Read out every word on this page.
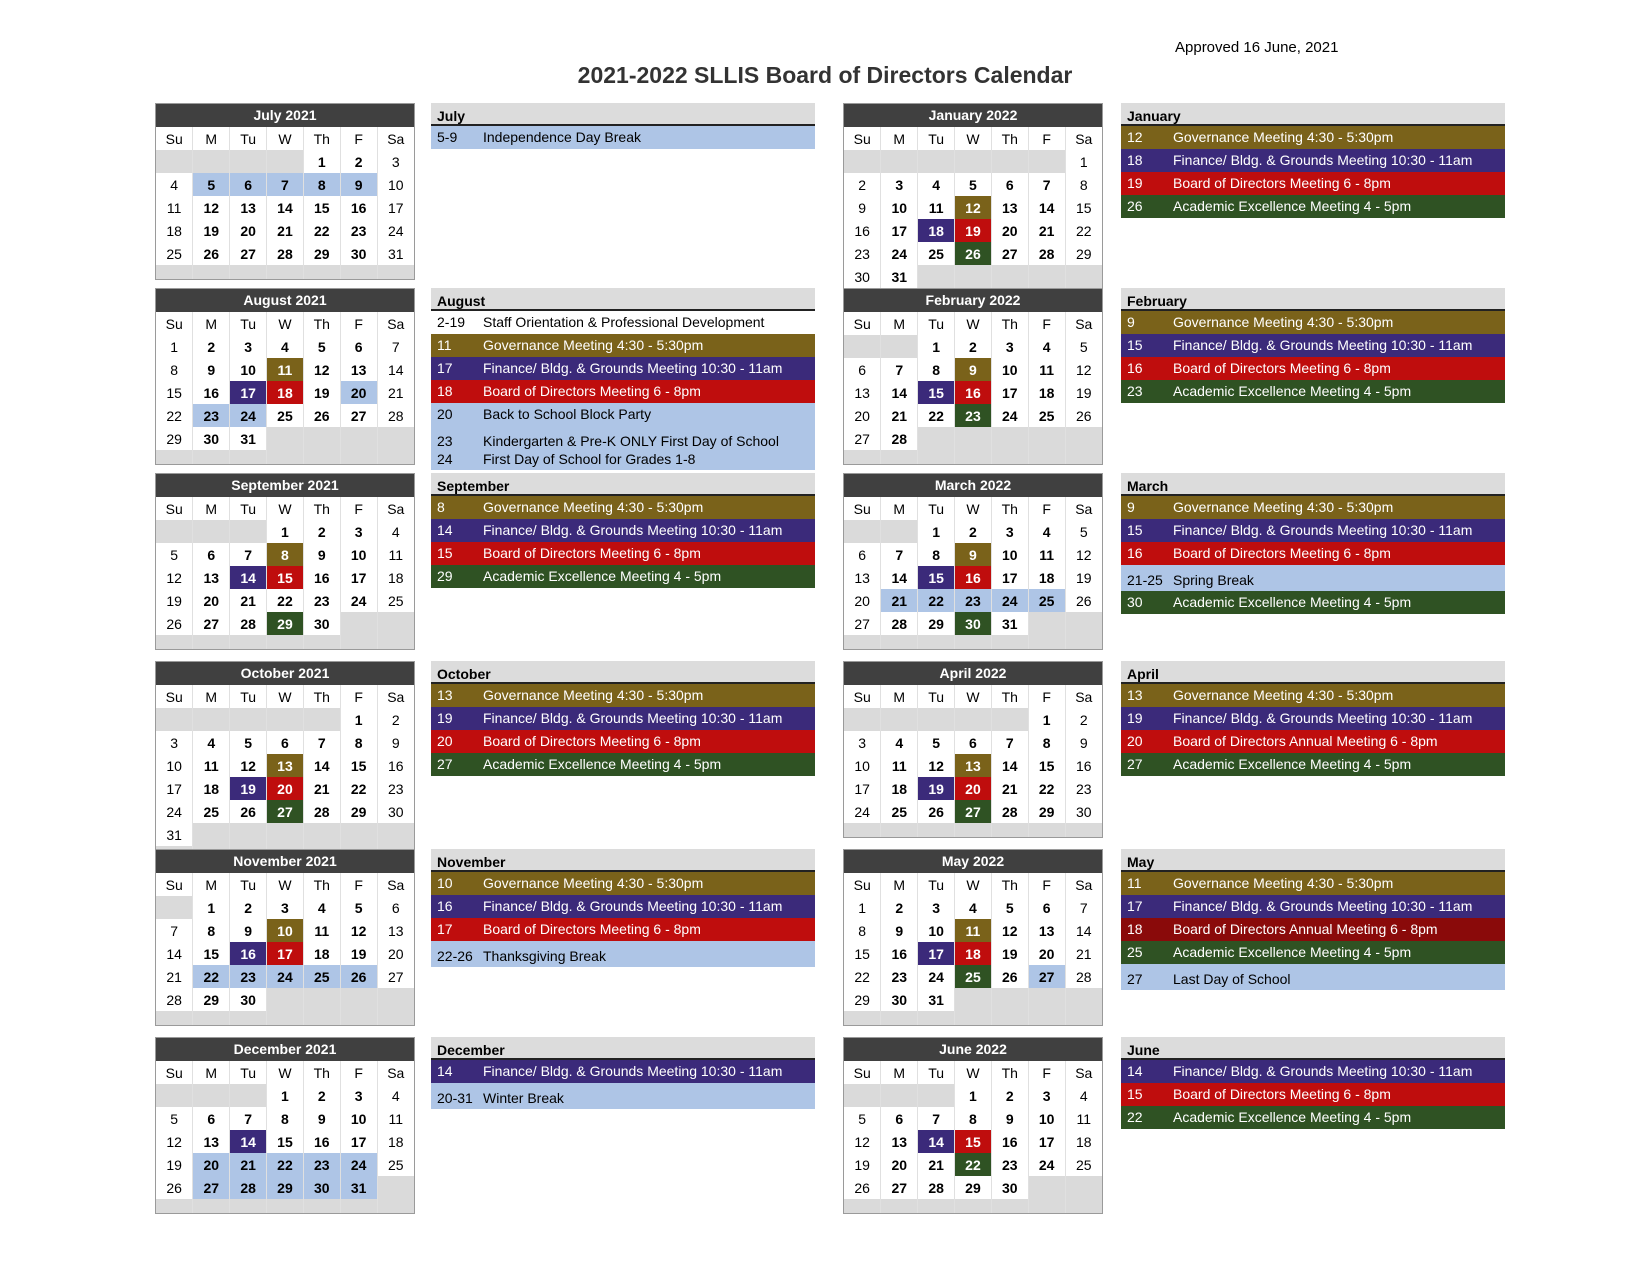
Approved 16 June, 2021
2021-2022 SLLIS Board of Directors Calendar
July 2021
Su	M	Tu	W	Th	F	Sa
				1	2	3
4	5	6	7	8	9	10
11	12	13	14	15	16	17
18	19	20	21	22	23	24
25	26	27	28	29	30	31

August 2021
Su	M	Tu	W	Th	F	Sa
1	2	3	4	5	6	7
8	9	10	11	12	13	14
15	16	17	18	19	20	21
22	23	24	25	26	27	28
29	30	31				

September 2021
Su	M	Tu	W	Th	F	Sa
			1	2	3	4
5	6	7	8	9	10	11
12	13	14	15	16	17	18
19	20	21	22	23	24	25
26	27	28	29	30		

October 2021
Su	M	Tu	W	Th	F	Sa
					1	2
3	4	5	6	7	8	9
10	11	12	13	14	15	16
17	18	19	20	21	22	23
24	25	26	27	28	29	30
31						

November 2021
Su	M	Tu	W	Th	F	Sa
	1	2	3	4	5	6
7	8	9	10	11	12	13
14	15	16	17	18	19	20
21	22	23	24	25	26	27
28	29	30				

December 2021
Su	M	Tu	W	Th	F	Sa
			1	2	3	4
5	6	7	8	9	10	11
12	13	14	15	16	17	18
19	20	21	22	23	24	25
26	27	28	29	30	31	

January 2022
Su	M	Tu	W	Th	F	Sa
						1
2	3	4	5	6	7	8
9	10	11	12	13	14	15
16	17	18	19	20	21	22
23	24	25	26	27	28	29
30	31					

February 2022
Su	M	Tu	W	Th	F	Sa
		1	2	3	4	5
6	7	8	9	10	11	12
13	14	15	16	17	18	19
20	21	22	23	24	25	26
27	28					

March 2022
Su	M	Tu	W	Th	F	Sa
		1	2	3	4	5
6	7	8	9	10	11	12
13	14	15	16	17	18	19
20	21	22	23	24	25	26
27	28	29	30	31		

April 2022
Su	M	Tu	W	Th	F	Sa
					1	2
3	4	5	6	7	8	9
10	11	12	13	14	15	16
17	18	19	20	21	22	23
24	25	26	27	28	29	30

May 2022
Su	M	Tu	W	Th	F	Sa
1	2	3	4	5	6	7
8	9	10	11	12	13	14
15	16	17	18	19	20	21
22	23	24	25	26	27	28
29	30	31				

June 2022
Su	M	Tu	W	Th	F	Sa
			1	2	3	4
5	6	7	8	9	10	11
12	13	14	15	16	17	18
19	20	21	22	23	24	25
26	27	28	29	30		

July
5-9 Independence Day Break
August
2-19 Staff Orientation & Professional Development
11 Governance Meeting 4:30 - 5:30pm
17 Finance/ Bldg. & Grounds Meeting 10:30 - 11am
18 Board of Directors Meeting 6 - 8pm
20 Back to School Block Party
23 Kindergarten & Pre-K ONLY First Day of School
24 First Day of School for Grades 1-8
September
8	Governance Meeting 4:30 - 5:30pm
14 Finance/ Bldg. & Grounds Meeting 10:30 - 11am
15 Board of Directors Meeting 6 - 8pm
29 Academic Excellence Meeting 4 - 5pm
October
13 Governance Meeting 4:30 - 5:30pm
19 Finance/ Bldg. & Grounds Meeting 10:30 - 11am
20 Board of Directors Meeting 6 - 8pm
27 Academic Excellence Meeting 4 - 5pm
November
10 Governance Meeting 4:30 - 5:30pm
16 Finance/ Bldg. & Grounds Meeting 10:30 - 11am
17 Board of Directors Meeting 6 - 8pm
22-26 Thanksgiving Break
December
14 Finance/ Bldg. & Grounds Meeting 10:30 - 11am
20-31 Winter Break
January
12 Governance Meeting 4:30 - 5:30pm
18 Finance/ Bldg. & Grounds Meeting 10:30 - 11am
19 Board of Directors Meeting 6 - 8pm
26 Academic Excellence Meeting 4 - 5pm
February
9	Governance Meeting 4:30 - 5:30pm
15 Finance/ Bldg. & Grounds Meeting 10:30 - 11am
16 Board of Directors Meeting 6 - 8pm
23 Academic Excellence Meeting 4 - 5pm
March
9	Governance Meeting 4:30 - 5:30pm
15 Finance/ Bldg. & Grounds Meeting 10:30 - 11am
16 Board of Directors Meeting 6 - 8pm
21-25 Spring Break
30 Academic Excellence Meeting 4 - 5pm
April
13 Governance Meeting 4:30 - 5:30pm
19 Finance/ Bldg. & Grounds Meeting 10:30 - 11am
20 Board of Directors Annual Meeting 6 - 8pm
27 Academic Excellence Meeting 4 - 5pm
May
11 Governance Meeting 4:30 - 5:30pm
17 Finance/ Bldg. & Grounds Meeting 10:30 - 11am
18 Board of Directors Annual Meeting 6 - 8pm
25 Academic Excellence Meeting 4 - 5pm
27 Last Day of School
June
14 Finance/ Bldg. & Grounds Meeting 10:30 - 11am
15 Board of Directors Meeting 6 - 8pm
22 Academic Excellence Meeting 4 - 5pm
